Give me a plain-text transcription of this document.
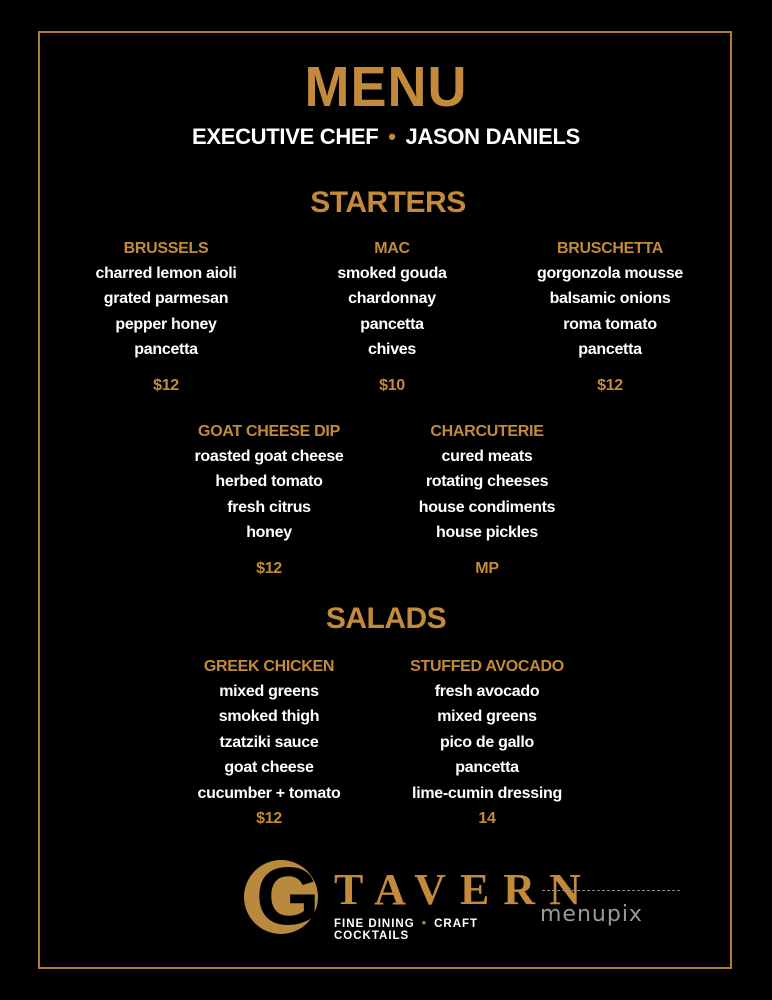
MENU
EXECUTIVE CHEF • JASON DANIELS
STARTERS
BRUSSELS
charred lemon aioli
grated parmesan
pepper honey
pancetta
$12
MAC
smoked gouda
chardonnay
pancetta
chives
$10
BRUSCHETTA
gorgonzola mousse
balsamic onions
roma tomato
pancetta
$12
GOAT CHEESE DIP
roasted goat cheese
herbed tomato
fresh citrus
honey
$12
CHARCUTERIE
cured meats
rotating cheeses
house condiments
house pickles
MP
SALADS
GREEK CHICKEN
mixed greens
smoked thigh
tzatziki sauce
goat cheese
cucumber + tomato
$12
STUFFED AVOCADO
fresh avocado
mixed greens
pico de gallo
pancetta
lime-cumin dressing
14
G TAVERN
FINE DINING • CRAFT COCKTAILS
menupix
